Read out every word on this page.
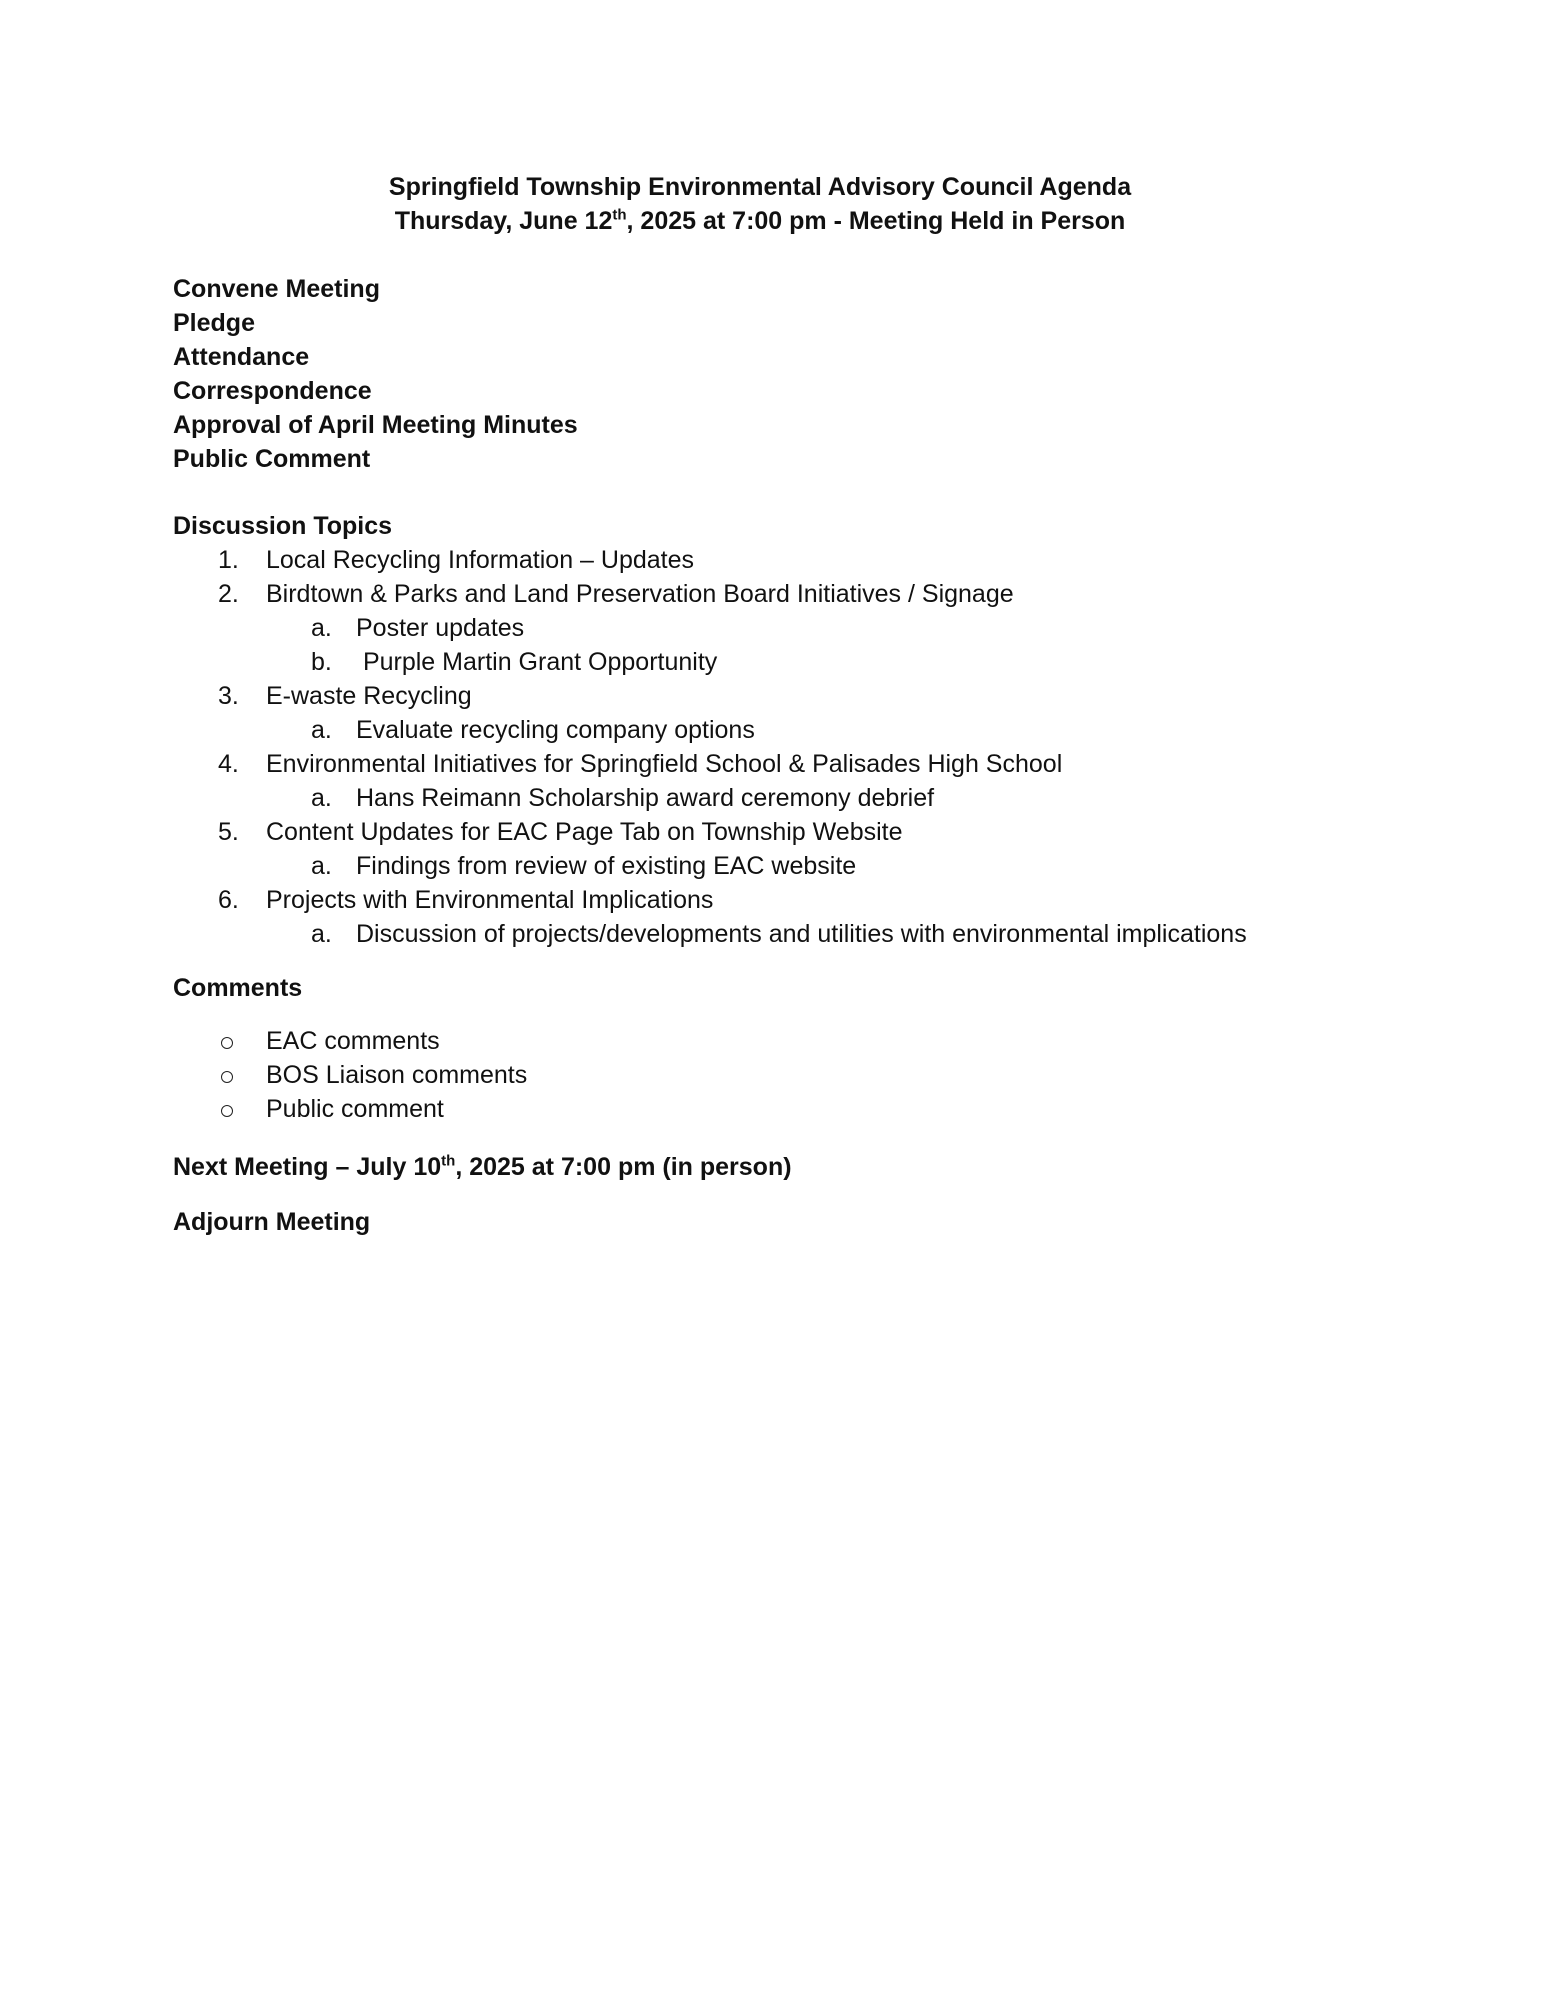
Springfield Township Environmental Advisory Council Agenda
Thursday, June 12th, 2025 at 7:00 pm - Meeting Held in Person
Convene Meeting
Pledge
Attendance
Correspondence
Approval of April Meeting Minutes
Public Comment
Discussion Topics
1.	Local Recycling Information – Updates
2.	Birdtown & Parks and Land Preservation Board Initiatives / Signage
a. Poster updates
b. Purple Martin Grant Opportunity
3.	E-waste Recycling
a. Evaluate recycling company options
4.	Environmental Initiatives for Springfield School & Palisades High School
a. Hans Reimann Scholarship award ceremony debrief
5.	Content Updates for EAC Page Tab on Township Website
a. Findings from review of existing EAC website
6.	Projects with Environmental Implications
a. Discussion of projects/developments and utilities with environmental implications
Comments
EAC comments
BOS Liaison comments
Public comment
Next Meeting – July 10th, 2025 at 7:00 pm (in person)
Adjourn Meeting
